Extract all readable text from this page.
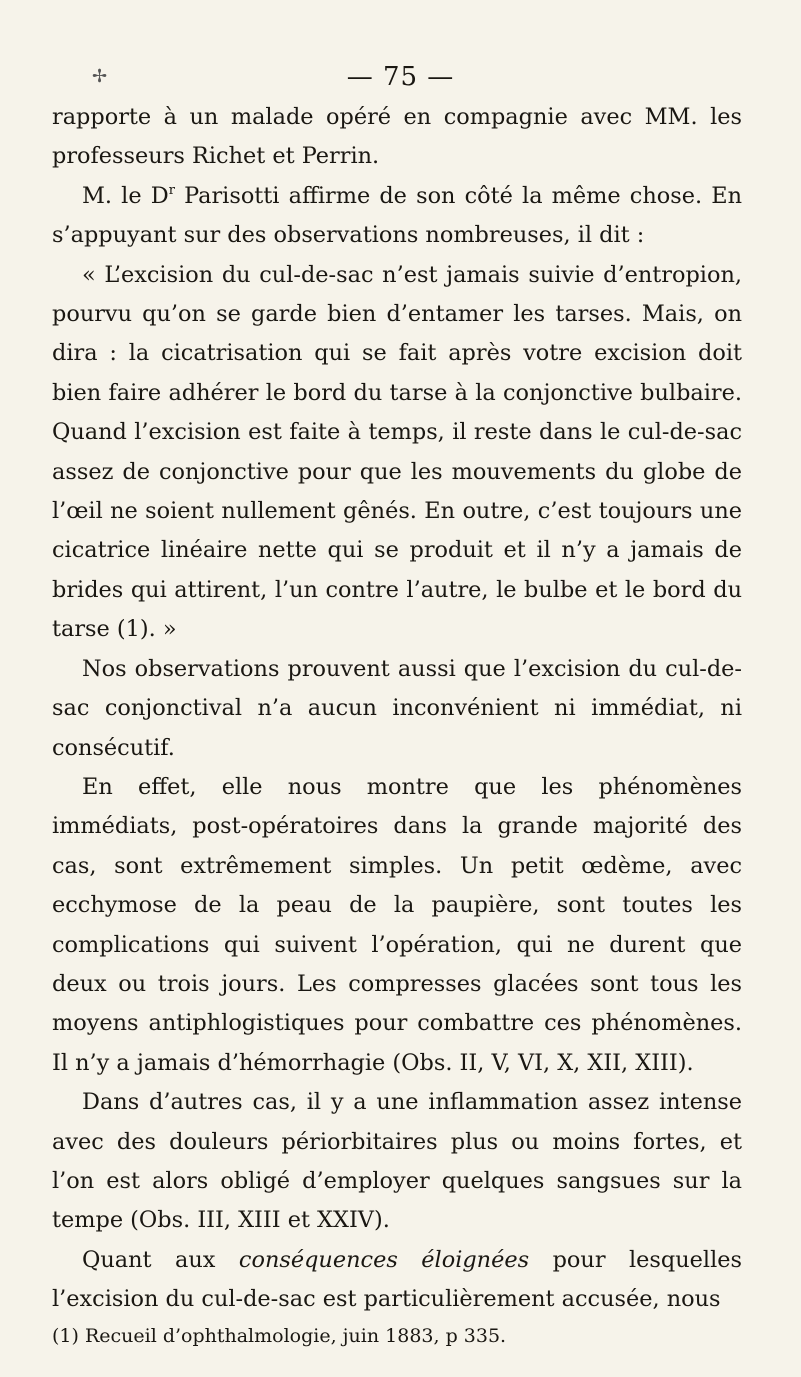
✢	— 75 —

rapporte à un malade opéré en compagnie avec MM. les professeurs Richet et Perrin.

M. le $D^r$ Parisotti affirme de son côté la même chose. En s’appuyant sur des observations nombreuses, il dit :

« L’excision du cul-de-sac n’est jamais suivie d’entropion, pourvu qu’on se garde bien d’entamer les tarses. Mais, on dira : la cicatrisation qui se fait après votre excision doit bien faire adhérer le bord du tarse à la conjonctive bulbaire. Quand l’excision est faite à temps, il reste dans le cul-de-sac assez de conjonctive pour que les mouvements du globe de l’œil ne soient nullement gênés. En outre, c’est toujours une cicatrice linéaire nette qui se produit et il n’y a jamais de brides qui attirent, l’un contre l’autre, le bulbe et le bord du tarse (1). »

Nos observations prouvent aussi que l’excision du cul-de-sac conjonctival n’a aucun inconvénient ni immédiat, ni consécutif.

En effet, elle nous montre que les phénomènes immédiats, post-opératoires dans la grande majorité des cas, sont extrêmement simples. Un petit œdème, avec ecchymose de la peau de la paupière, sont toutes les complications qui suivent l’opération, qui ne durent que deux ou trois jours. Les compresses glacées sont tous les moyens antiphlogistiques pour combattre ces phénomènes. Il n’y a jamais d’hémorrhagie (Obs. II, V, VI, X, XII, XIII).

Dans d’autres cas, il y a une inflammation assez intense avec des douleurs périorbitaires plus ou moins fortes, et l’on est alors obligé d’employer quelques sangsues sur la tempe (Obs. III, XIII et XXIV).

Quant aux conséquences éloignées pour lesquelles l’excision du cul-de-sac est particulièrement accusée, nous

(1) Recueil d’ophthalmologie, juin 1883, p 335.
